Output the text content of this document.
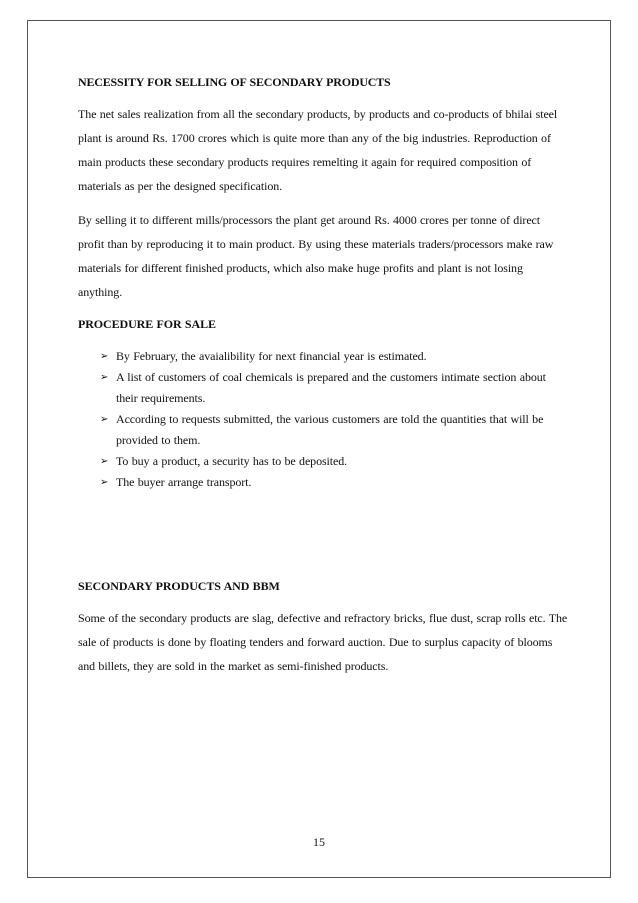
NECESSITY FOR SELLING OF SECONDARY PRODUCTS

The net sales realization from all the secondary products, by products and co-products of bhilai steel plant is around Rs. 1700 crores which is quite more than any of the big industries. Reproduction of main products these secondary products requires remelting it again for required composition of materials as per the designed specification.

By selling it to different mills/processors the plant get around Rs. 4000 crores per tonne of direct profit than by reproducing it to main product. By using these materials traders/processors make raw materials for different finished products, which also make huge profits and plant is not losing anything.

PROCEDURE FOR SALE
➢ By February, the avaialibility for next financial year is estimated.
➢ A list of customers of coal chemicals is prepared and the customers intimate section about their requirements.
➢ According to requests submitted, the various customers are told the quantities that will be provided to them.
➢ To buy a product, a security has to be deposited.
➢ The buyer arrange transport.
SECONDARY PRODUCTS AND BBM

Some of the secondary products are slag, defective and refractory bricks, flue dust, scrap rolls etc. The sale of products is done by floating tenders and forward auction. Due to surplus capacity of blooms and billets, they are sold in the market as semi-finished products.

15
